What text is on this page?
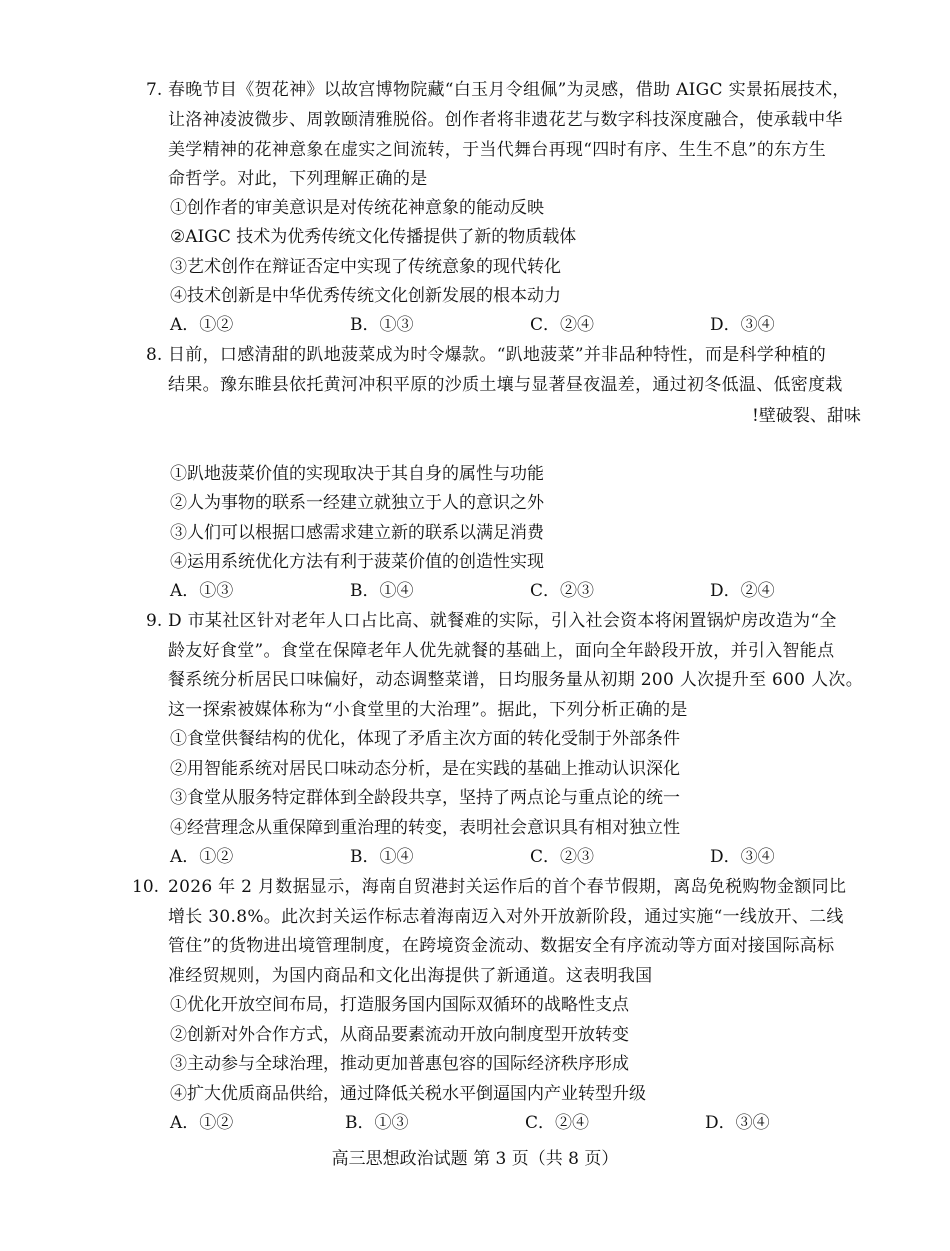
7. 春晚节目《贺花神》以故宫博物院藏“白玉月令组佩”为灵感，借助 AIGC 实景拓展技术，
让洛神凌波微步、周敦颐清雅脱俗。创作者将非遗花艺与数字科技深度融合，使承载中华
美学精神的花神意象在虚实之间流转，于当代舞台再现“四时有序、生生不息”的东方生
命哲学。对此，下列理解正确的是
①创作者的审美意识是对传统花神意象的能动反映
②AIGC 技术为优秀传统文化传播提供了新的物质载体
③艺术创作在辩证否定中实现了传统意象的现代转化
④技术创新是中华优秀传统文化创新发展的根本动力
A．①②	B．①③	C．②④	D．③④
8. 日前，口感清甜的趴地菠菜成为时令爆款。“趴地菠菜”并非品种特性，而是科学种植的
结果。豫东睢县依托黄河冲积平原的沙质土壤与显著昼夜温差，通过初冬低温、低密度栽
!壁破裂、甜味
①趴地菠菜价值的实现取决于其自身的属性与功能
②人为事物的联系一经建立就独立于人的意识之外
③人们可以根据口感需求建立新的联系以满足消费
④运用系统优化方法有利于菠菜价值的创造性实现
A．①③	B．①④	C．②③	D．②④
9. D 市某社区针对老年人口占比高、就餐难的实际，引入社会资本将闲置锅炉房改造为“全
龄友好食堂”。食堂在保障老年人优先就餐的基础上，面向全年龄段开放，并引入智能点
餐系统分析居民口味偏好，动态调整菜谱，日均服务量从初期 200 人次提升至 600 人次。
这一探索被媒体称为“小食堂里的大治理”。据此，下列分析正确的是
①食堂供餐结构的优化，体现了矛盾主次方面的转化受制于外部条件
②用智能系统对居民口味动态分析，是在实践的基础上推动认识深化
③食堂从服务特定群体到全龄段共享，坚持了两点论与重点论的统一
④经营理念从重保障到重治理的转变，表明社会意识具有相对独立性
A．①②	B．①④	C．②③	D．③④
10. 2026 年 2 月数据显示，海南自贸港封关运作后的首个春节假期，离岛免税购物金额同比
增长 30.8%。此次封关运作标志着海南迈入对外开放新阶段，通过实施“一线放开、二线
管住”的货物进出境管理制度，在跨境资金流动、数据安全有序流动等方面对接国际高标
准经贸规则，为国内商品和文化出海提供了新通道。这表明我国
①优化开放空间布局，打造服务国内国际双循环的战略性支点
②创新对外合作方式，从商品要素流动开放向制度型开放转变
③主动参与全球治理，推动更加普惠包容的国际经济秩序形成
④扩大优质商品供给，通过降低关税水平倒逼国内产业转型升级
A．①②	B．①③	C．②④	D．③④
高三思想政治试题 第 3 页（共 8 页）
